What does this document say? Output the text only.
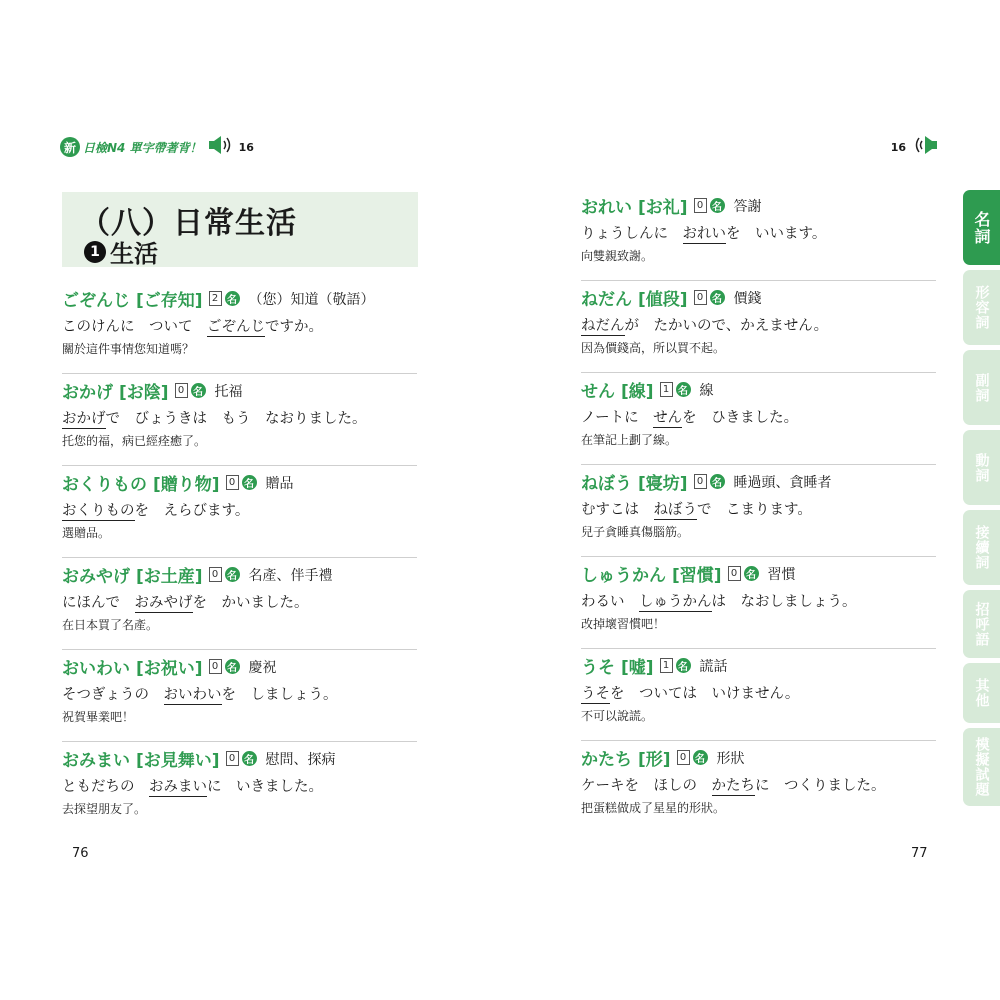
新 日檢N4 單字帶著背！	16	16
（八）日常生活
1 生活
ごぞんじ [ご存知] 2 名 （您）知道（敬語）
このけんに　ついて　ごぞんじですか。
關於這件事情您知道嗎？
おかげ [お陰] 0 名 托福
おかげで　びょうきは　もう　なおりました。
托您的福，病已經痊癒了。
おくりもの [贈り物] 0 名 贈品
おくりものを　えらびます。
選贈品。
おみやげ [お土産] 0 名 名產、伴手禮
にほんで　おみやげを　かいました。
在日本買了名產。
おいわい [お祝い] 0 名 慶祝
そつぎょうの　おいわいを　しましょう。
祝賀畢業吧！
おみまい [お見舞い] 0 名 慰問、探病
ともだちの　おみまいに　いきました。
去探望朋友了。
おれい [お礼] 0 名 答謝
りょうしんに　おれいを　いいます。
向雙親致謝。
ねだん [値段] 0 名 價錢
ねだんが　たかいので、かえません。
因為價錢高，所以買不起。
せん [線] 1 名 線
ノートに　せんを　ひきました。
在筆記上劃了線。
ねぼう [寝坊] 0 名 睡過頭、貪睡者
むすこは　ねぼうで　こまります。
兒子貪睡真傷腦筋。
しゅうかん [習慣] 0 名 習慣
わるい　しゅうかんは　なおしましょう。
改掉壞習慣吧！
うそ [嘘] 1 名 謊話
うそを　ついては　いけません。
不可以說謊。
かたち [形] 0 名 形狀
ケーキを　ほしの　かたちに　つくりました。
把蛋糕做成了星星的形狀。
76	77
名詞
形容詞
副詞
動詞
接續詞
招呼語
其他
模擬試題
